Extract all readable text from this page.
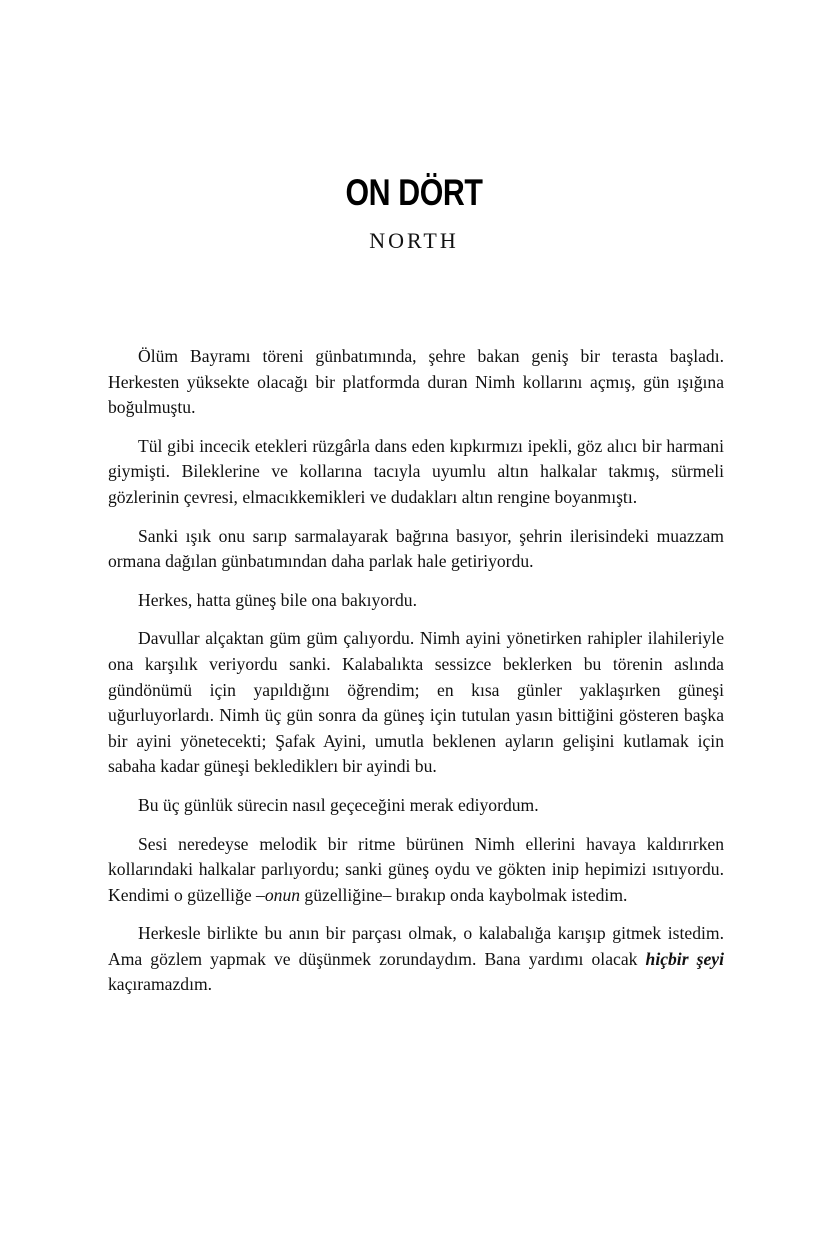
ON DÖRT
NORTH

Ölüm Bayramı töreni günbatımında, şehre bakan geniş bir terasta başladı. Herkesten yüksekte olacağı bir platformda duran Nimh kollarını açmış, gün ışığına boğulmuştu.

Tül gibi incecik etekleri rüzgârla dans eden kıpkırmızı ipekli, göz alıcı bir harmani giymişti. Bileklerine ve kollarına tacıyla uyumlu altın halkalar takmış, sürmeli gözlerinin çevresi, elmacıkkemikleri ve dudakları altın rengine boyanmıştı.

Sanki ışık onu sarıp sarmalayarak bağrına basıyor, şehrin ilerisindeki muazzam ormana dağılan günbatımından daha parlak hale getiriyordu.

Herkes, hatta güneş bile ona bakıyordu.

Davullar alçaktan güm güm çalıyordu. Nimh ayini yönetirken rahipler ilahileriyle ona karşılık veriyordu sanki. Kalabalıkta sessizce beklerken bu törenin aslında gündönümü için yapıldığını öğrendim; en kısa günler yaklaşırken güneşi uğurluyorlardı. Nimh üç gün sonra da güneş için tutulan yasın bittiğini gösteren başka bir ayini yönetecekti; Şafak Ayini, umutla beklenen ayların gelişini kutlamak için sabaha kadar güneşi beklediklerı bir ayindi bu.

Bu üç günlük sürecin nasıl geçeceğini merak ediyordum.

Sesi neredeyse melodik bir ritme bürünen Nimh ellerini havaya kaldırırken kollarındaki halkalar parlıyordu; sanki güneş oydu ve gökten inip hepimizi ısıtıyordu. Kendimi o güzelliğe –onun güzelliğine– bırakıp onda kaybolmak istedim.

Herkesle birlikte bu anın bir parçası olmak, o kalabalığa karışıp gitmek istedim. Ama gözlem yapmak ve düşünmek zorundaydım. Bana yardımı olacak hiçbir şeyi kaçıramazdım.
